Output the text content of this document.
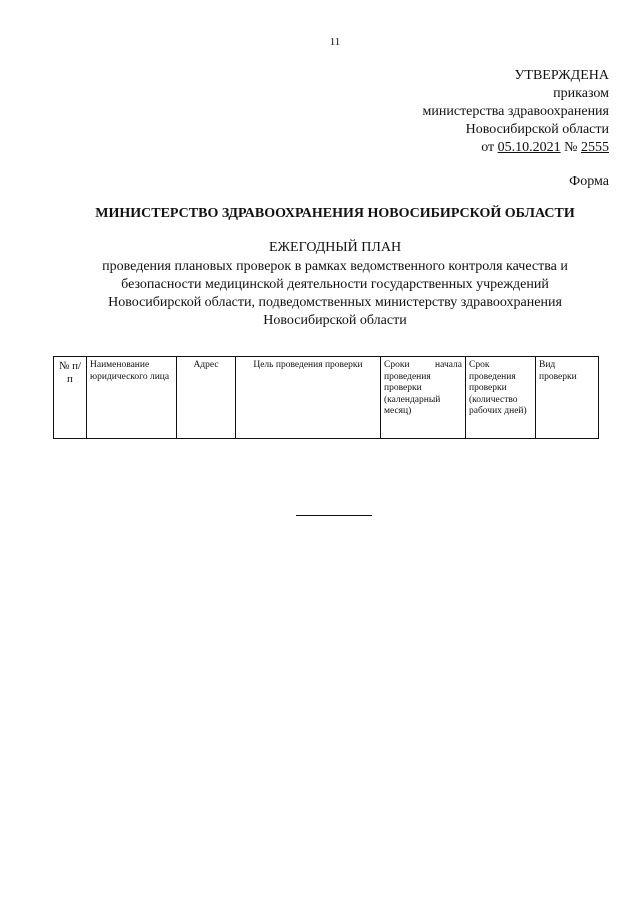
11
УТВЕРЖДЕНА
приказом
министерства здравоохранения
Новосибирской области
от 05.10.2021 № 2555
Форма
МИНИСТЕРСТВО ЗДРАВООХРАНЕНИЯ НОВОСИБИРСКОЙ ОБЛАСТИ
ЕЖЕГОДНЫЙ ПЛАН
проведения плановых проверок в рамках ведомственного контроля качества и
безопасности медицинской деятельности государственных учреждений
Новосибирской области, подведомственных министерству здравоохранения
Новосибирской области
№ п/п	Наименование юридического лица	Адрес	Цель проведения проверки	Сроки начала проведения проверки (календарный месяц)	Срок проведения проверки (количество рабочих дней)	Вид проверки
